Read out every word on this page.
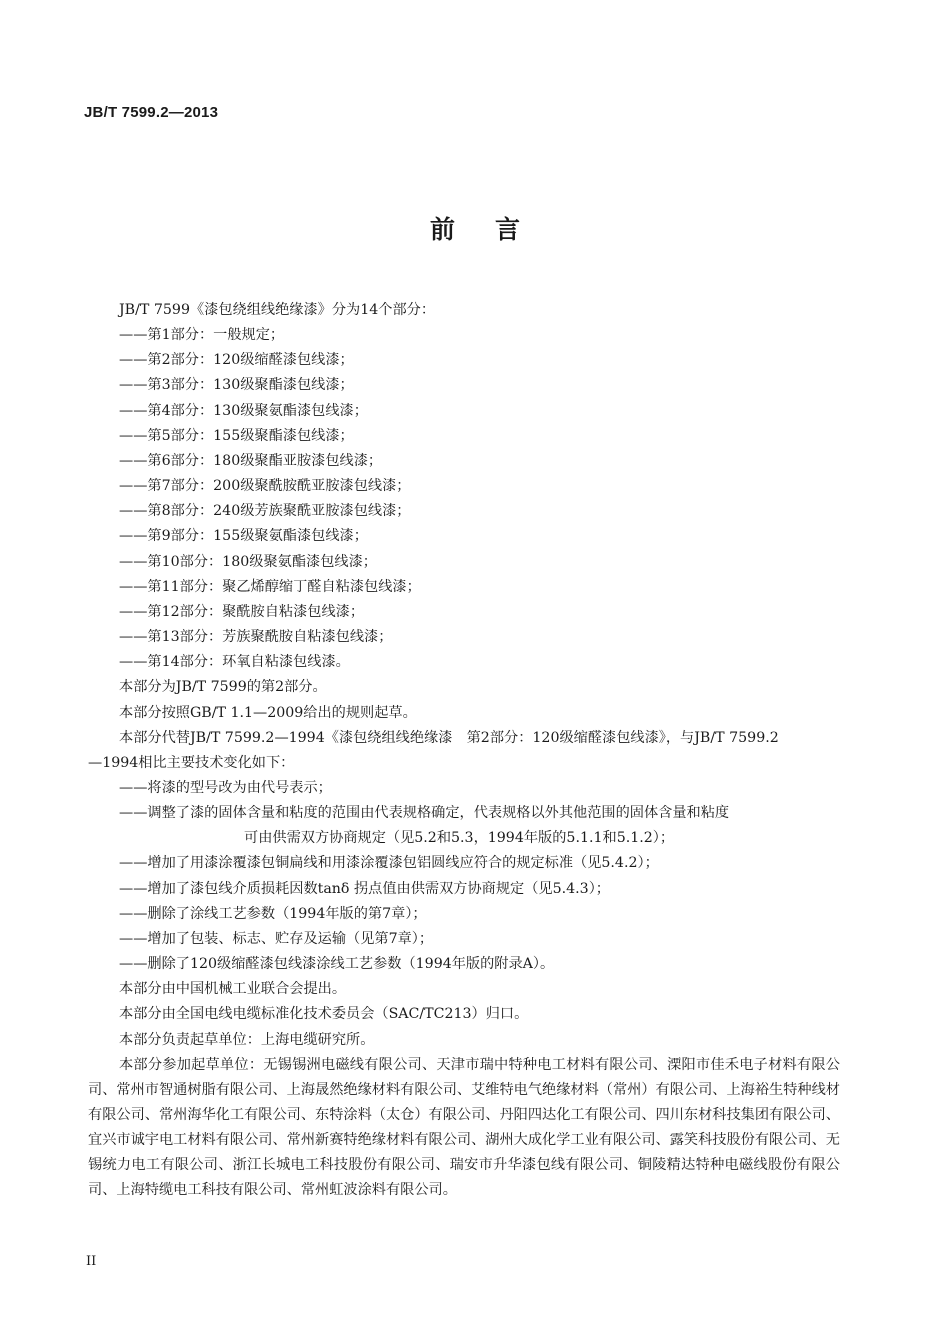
JB/T 7599.2—2013
前言

JB/T 7599《漆包绕组线绝缘漆》分为14个部分：

——第1部分：一般规定；

——第2部分：120级缩醛漆包线漆；

——第3部分：130级聚酯漆包线漆；

——第4部分：130级聚氨酯漆包线漆；

——第5部分：155级聚酯漆包线漆；

——第6部分：180级聚酯亚胺漆包线漆；

——第7部分：200级聚酰胺酰亚胺漆包线漆；

——第8部分：240级芳族聚酰亚胺漆包线漆；

——第9部分：155级聚氨酯漆包线漆；

——第10部分：180级聚氨酯漆包线漆；

——第11部分：聚乙烯醇缩丁醛自粘漆包线漆；

——第12部分：聚酰胺自粘漆包线漆；

——第13部分：芳族聚酰胺自粘漆包线漆；

——第14部分：环氧自粘漆包线漆。

本部分为JB/T 7599的第2部分。

本部分按照GB/T 1.1—2009给出的规则起草。

本部分代替JB/T 7599.2—1994《漆包绕组线绝缘漆　第2部分：120级缩醛漆包线漆》，与JB/T 7599.2

—1994相比主要技术变化如下：

——将漆的型号改为由代号表示；

——调整了漆的固体含量和粘度的范围由代表规格确定，代表规格以外其他范围的固体含量和粘度

可由供需双方协商规定（见5.2和5.3，1994年版的5.1.1和5.1.2）；

——增加了用漆涂覆漆包铜扁线和用漆涂覆漆包铝圆线应符合的规定标准（见5.4.2）；

——增加了漆包线介质损耗因数tanδ 拐点值由供需双方协商规定（见5.4.3）；

——删除了涂线工艺参数（1994年版的第7章）；

——增加了包装、标志、贮存及运输（见第7章）；

——删除了120级缩醛漆包线漆涂线工艺参数（1994年版的附录A）。

本部分由中国机械工业联合会提出。

本部分由全国电线电缆标准化技术委员会（SAC/TC213）归口。

本部分负责起草单位：上海电缆研究所。

本部分参加起草单位：无锡锡洲电磁线有限公司、天津市瑞中特种电工材料有限公司、溧阳市佳禾电子材料有限公司、常州市智通树脂有限公司、上海晟然绝缘材料有限公司、艾维特电气绝缘材料（常州）有限公司、上海裕生特种线材有限公司、常州海华化工有限公司、东特涂料（太仓）有限公司、丹阳四达化工有限公司、四川东材科技集团有限公司、宜兴市诚宇电工材料有限公司、常州新赛特绝缘材料有限公司、湖州大成化学工业有限公司、露笑科技股份有限公司、无锡统力电工有限公司、浙江长城电工科技股份有限公司、瑞安市升华漆包线有限公司、铜陵精达特种电磁线股份有限公司、上海特缆电工科技有限公司、常州虹波涂料有限公司。

II
